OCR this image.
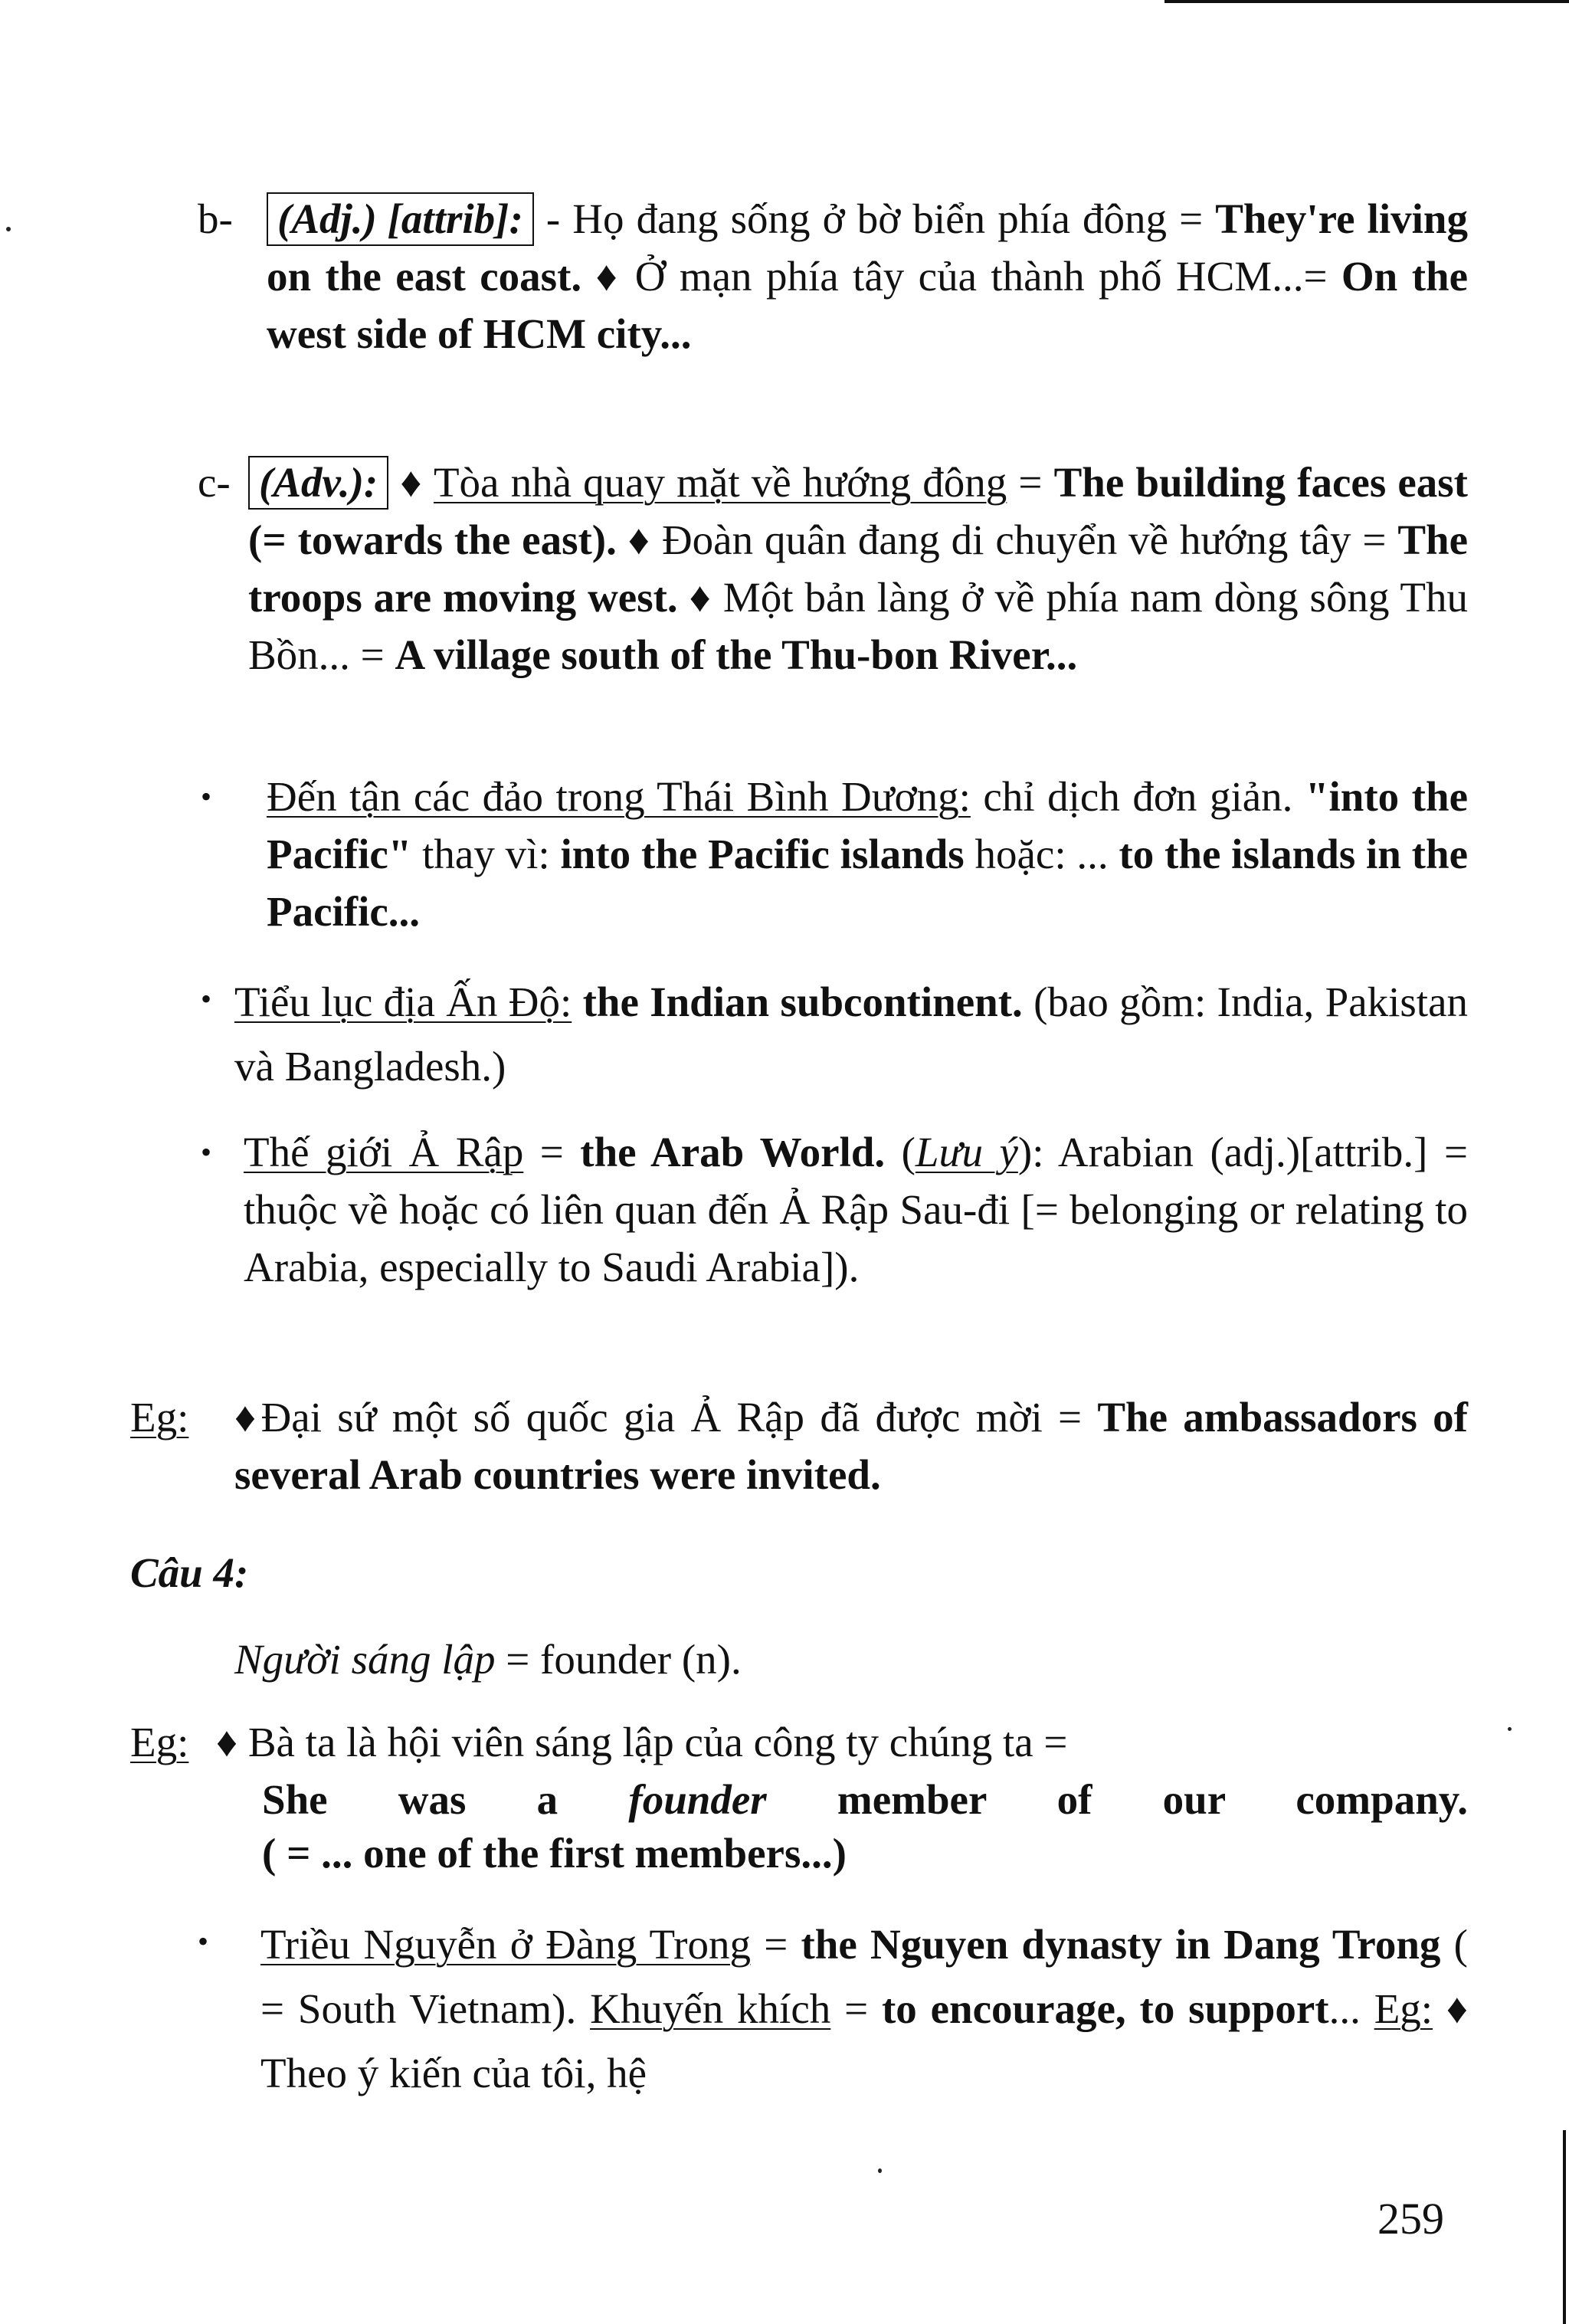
b- (Adj.) [attrib]: - Họ đang sống ở bờ biển phía đông = They're living on the east coast. ♦ Ở mạn phía tây của thành phố HCM...= On the west side of HCM city...
c- (Adv.): ♦ Tòa nhà quay mặt về hướng đông = The building faces east (= towards the east). ♦ Đoàn quân đang di chuyển về hướng tây = The troops are moving west. ♦ Một bản làng ở về phía nam dòng sông Thu Bồn... = A village south of the Thu-bon River...
• Đến tận các đảo trong Thái Bình Dương: chỉ dịch đơn giản. "into the Pacific" thay vì: into the Pacific islands hoặc: ... to the islands in the Pacific...
• Tiểu lục địa Ấn Độ: the Indian subcontinent. (bao gồm: India, Pakistan và Bangladesh.)
• Thế giới Ả Rập = the Arab World. (Lưu ý): Arabian (adj.)[attrib.] = thuộc về hoặc có liên quan đến Ả Rập Sau-đi [= belonging or relating to Arabia, especially to Saudi Arabia]).
Eg: ♦Đại sứ một số quốc gia Ả Rập đã được mời = The ambassadors of several Arab countries were invited.
Câu 4:
Người sáng lập = founder (n).
Eg: ♦ Bà ta là hội viên sáng lập của công ty chúng ta =
She was a founder member of our company.
( = ... one of the first members...)
• Triều Nguyễn ở Đàng Trong = the Nguyen dynasty in Dang Trong ( = South Vietnam). Khuyến khích = to encourage, to support... Eg: ♦ Theo ý kiến của tôi, hệ
259
